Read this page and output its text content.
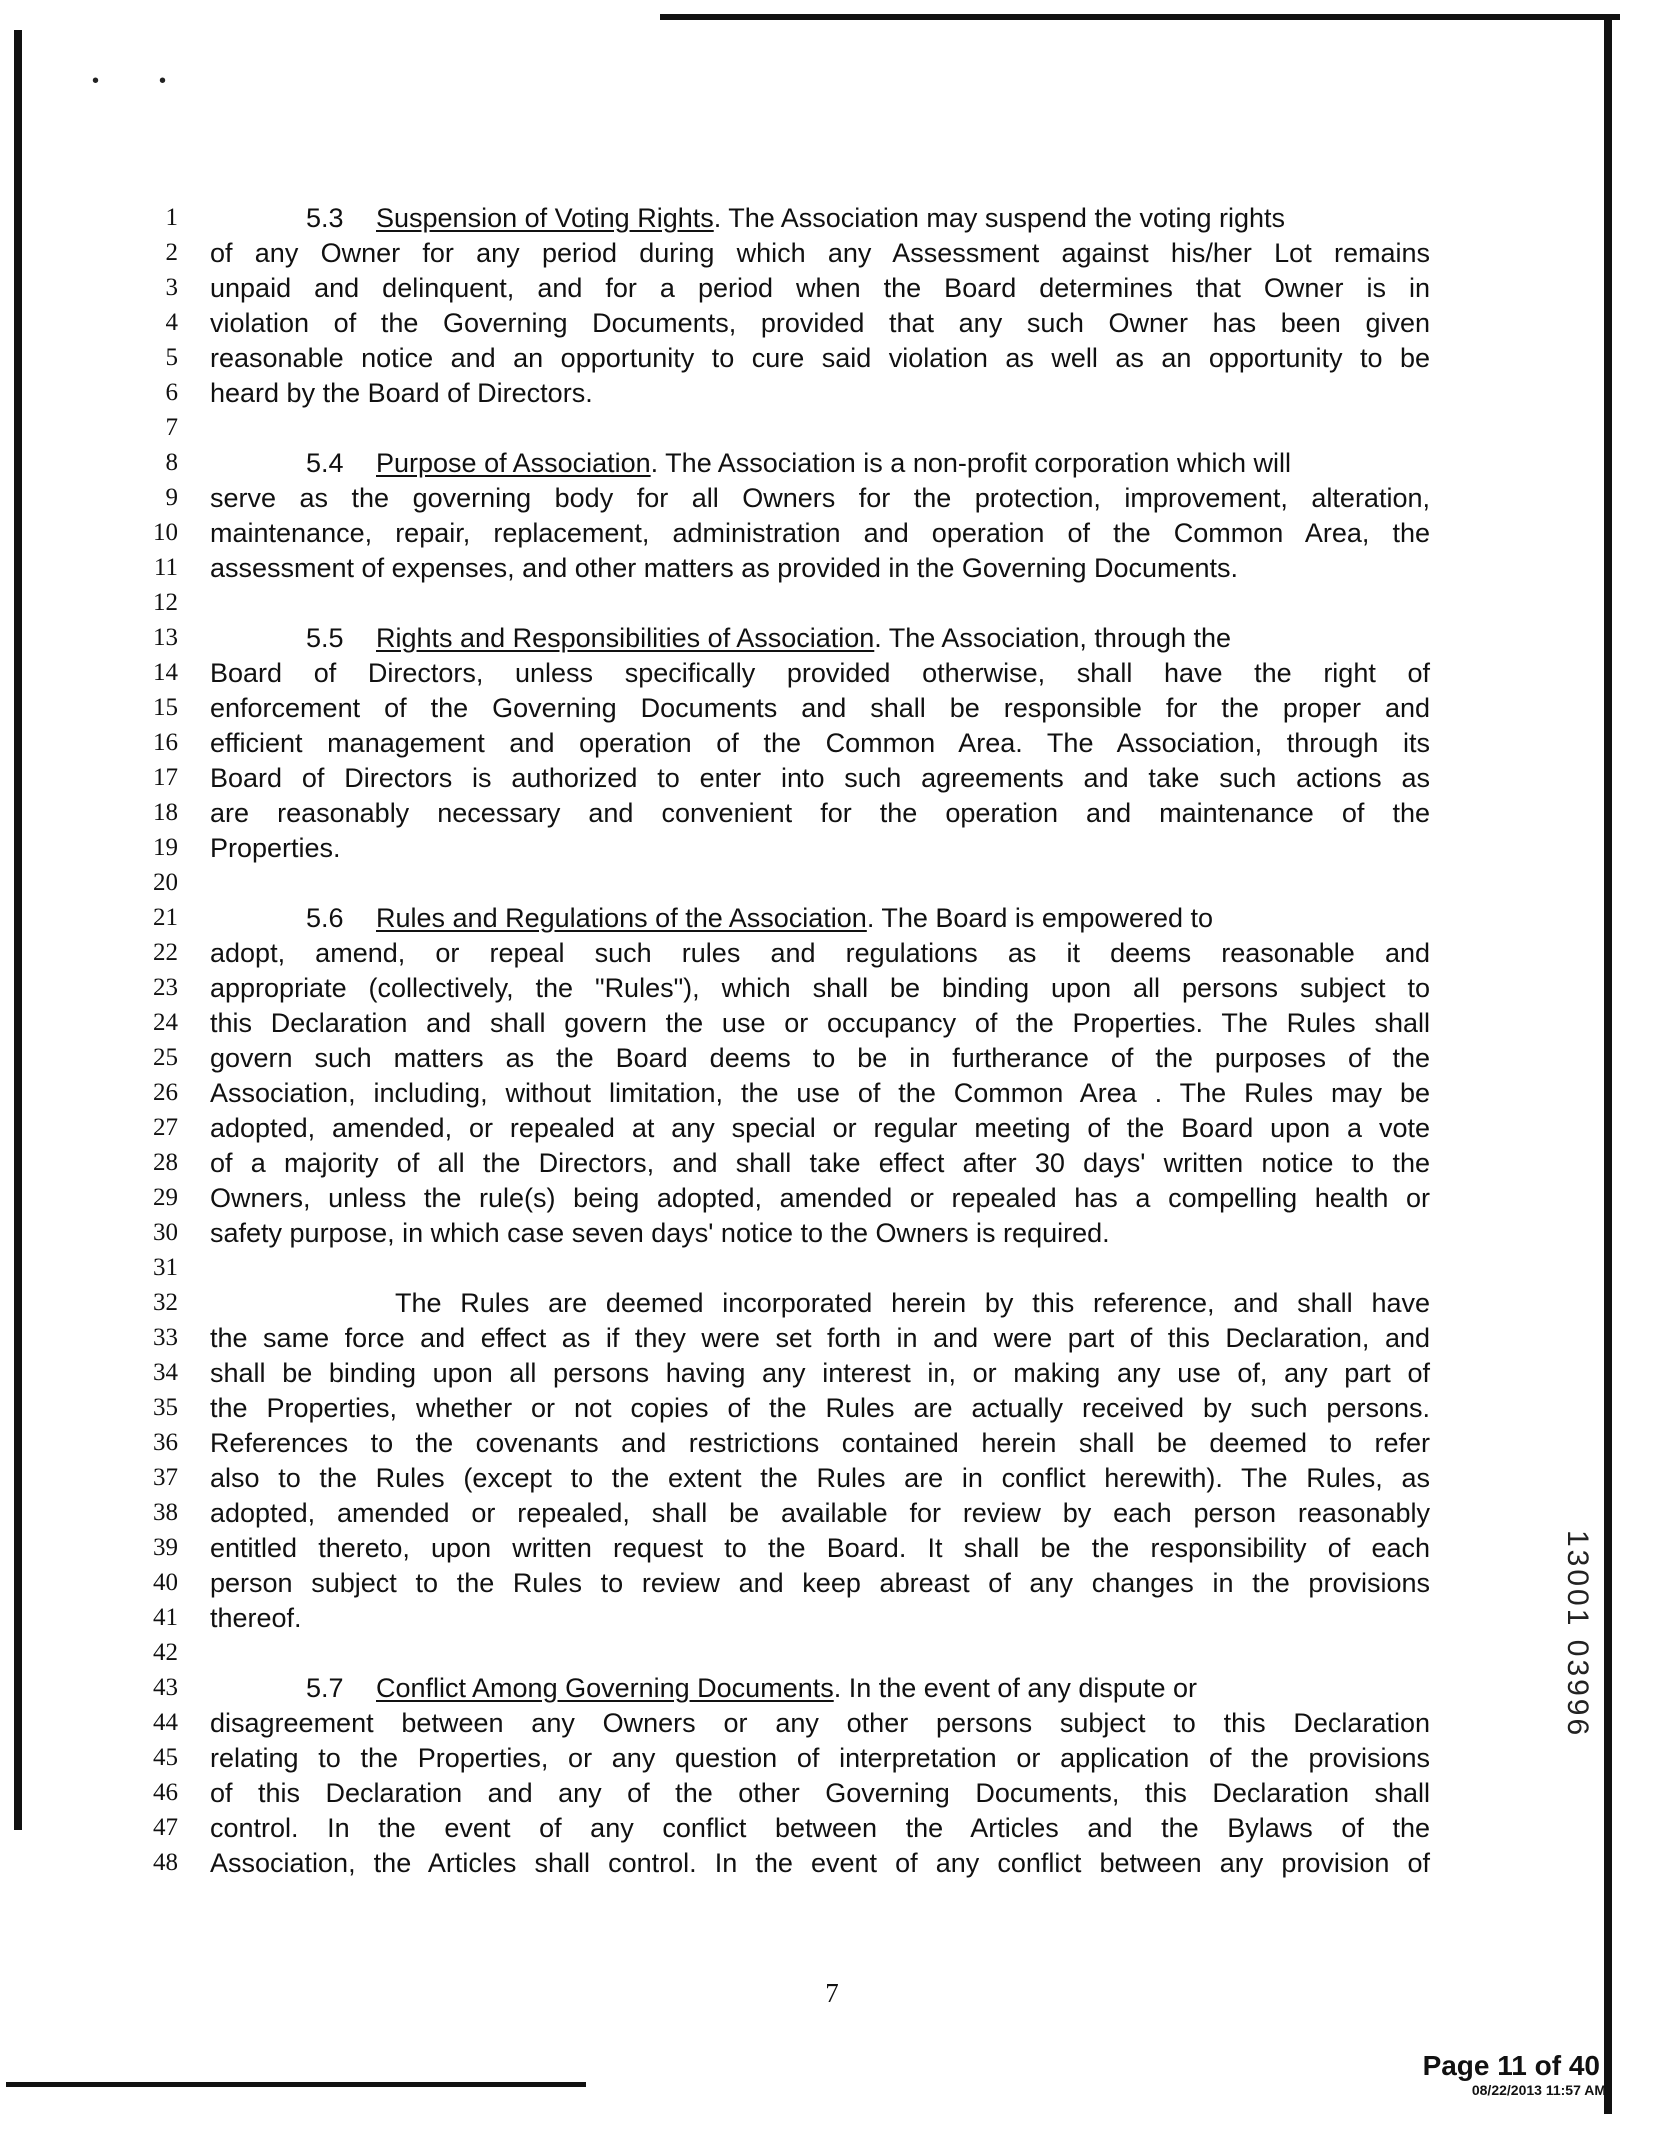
••
1	5.3 Suspension of Voting Rights. The Association may suspend the voting rights
2 of any Owner for any period during which any Assessment against his/her Lot remains
3 unpaid and delinquent, and for a period when the Board determines that Owner is in
4 violation of the Governing Documents, provided that any such Owner has been given
5 reasonable notice and an opportunity to cure said violation as well as an opportunity to be
6 heard by the Board of Directors.
7
8	5.4 Purpose of Association. The Association is a non-profit corporation which will
9 serve as the governing body for all Owners for the protection, improvement, alteration,
10 maintenance, repair, replacement, administration and operation of the Common Area, the
11 assessment of expenses, and other matters as provided in the Governing Documents.
12
13	5.5 Rights and Responsibilities of Association. The Association, through the
14 Board of Directors, unless specifically provided otherwise, shall have the right of
15 enforcement of the Governing Documents and shall be responsible for the proper and
16 efficient management and operation of the Common Area. The Association, through its
17 Board of Directors is authorized to enter into such agreements and take such actions as
18 are reasonably necessary and convenient for the operation and maintenance of the
19 Properties.
20
21	5.6 Rules and Regulations of the Association. The Board is empowered to
22 adopt, amend, or repeal such rules and regulations as it deems reasonable and
23 appropriate (collectively, the "Rules"), which shall be binding upon all persons subject to
24 this Declaration and shall govern the use or occupancy of the Properties. The Rules shall
25 govern such matters as the Board deems to be in furtherance of the purposes of the
26 Association, including, without limitation, the use of the Common Area . The Rules may be
27 adopted, amended, or repealed at any special or regular meeting of the Board upon a vote
28 of a majority of all the Directors, and shall take effect after 30 days' written notice to the
29 Owners, unless the rule(s) being adopted, amended or repealed has a compelling health or
30 safety purpose, in which case seven days' notice to the Owners is required.
31
32	The Rules are deemed incorporated herein by this reference, and shall have
33 the same force and effect as if they were set forth in and were part of this Declaration, and
34 shall be binding upon all persons having any interest in, or making any use of, any part of
35 the Properties, whether or not copies of the Rules are actually received by such persons.
36 References to the covenants and restrictions contained herein shall be deemed to refer
37 also to the Rules (except to the extent the Rules are in conflict herewith). The Rules, as
38 adopted, amended or repealed, shall be available for review by each person reasonably
39 entitled thereto, upon written request to the Board. It shall be the responsibility of each
40 person subject to the Rules to review and keep abreast of any changes in the provisions
41 thereof.
42
43	5.7 Conflict Among Governing Documents. In the event of any dispute or
44 disagreement between any Owners or any other persons subject to this Declaration
45 relating to the Properties, or any question of interpretation or application of the provisions
46 of this Declaration and any of the other Governing Documents, this Declaration shall
47 control. In the event of any conflict between the Articles and the Bylaws of the
48 Association, the Articles shall control. In the event of any conflict between any provision of
7
13001 03996
Page 11 of 40
08/22/2013 11:57 AM
